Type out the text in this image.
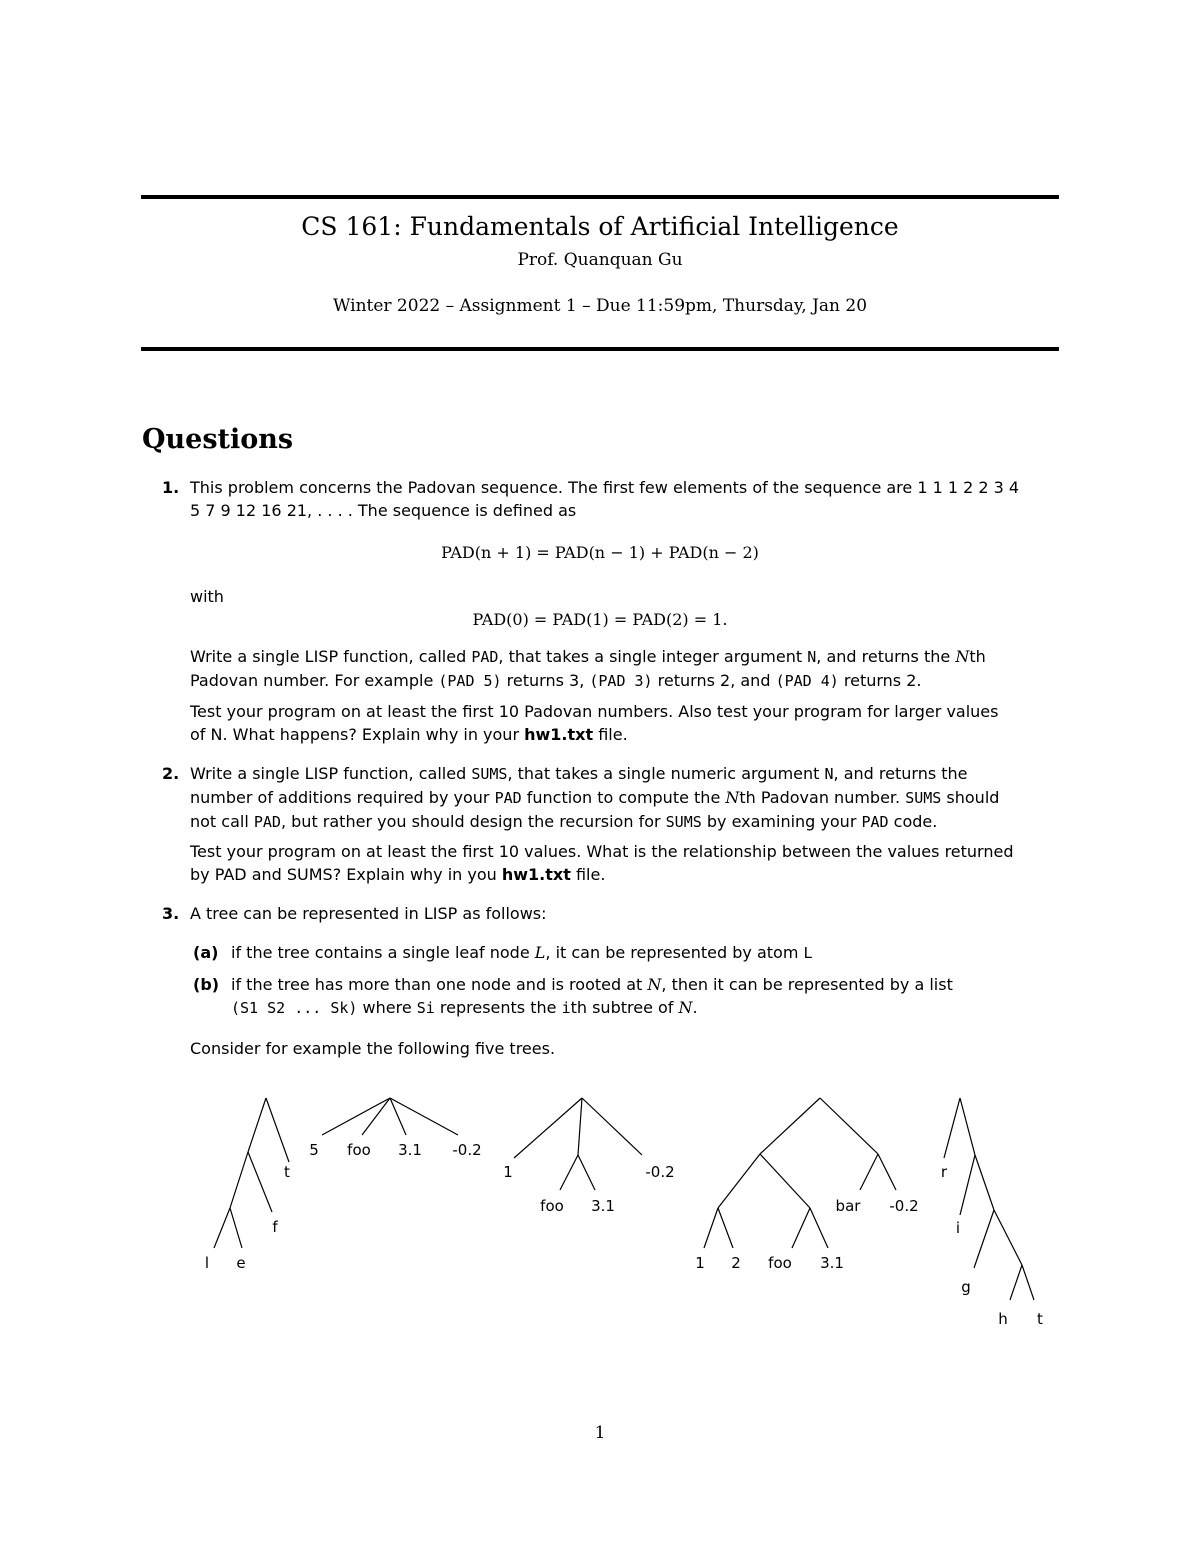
CS 161: Fundamentals of Artificial Intelligence
Prof. Quanquan Gu
Winter 2022 – Assignment 1 – Due 11:59pm, Thursday, Jan 20
Questions
1. This problem concerns the Padovan sequence. The first few elements of the sequence are 1 1 1 2 2 3 4
5 7 9 12 16 21, . . . . The sequence is defined as
PAD(n + 1) = PAD(n − 1) + PAD(n − 2)
with
PAD(0) = PAD(1) = PAD(2) = 1.
Write a single LISP function, called PAD, that takes a single integer argument N, and returns the Nth
Padovan number. For example (PAD 5) returns 3, (PAD 3) returns 2, and (PAD 4) returns 2.
Test your program on at least the first 10 Padovan numbers. Also test your program for larger values
of N. What happens? Explain why in your hw1.txt file.
2. Write a single LISP function, called SUMS, that takes a single numeric argument N, and returns the
number of additions required by your PAD function to compute the Nth Padovan number. SUMS should
not call PAD, but rather you should design the recursion for SUMS by examining your PAD code.
Test your program on at least the first 10 values. What is the relationship between the values returned
by PAD and SUMS? Explain why in you hw1.txt file.
3. A tree can be represented in LISP as follows:
(a) if the tree contains a single leaf node L, it can be represented by atom L
(b) if the tree has more than one node and is rooted at N, then it can be represented by a list
(S1 S2 ... Sk) where Si represents the ith subtree of N.
Consider for example the following five trees.
l e
f
t
5 foo 3.1 -0.2
1
foo 3.1
-0.2
1 2 foo 3.1
bar -0.2
r
i
g
h t
1
